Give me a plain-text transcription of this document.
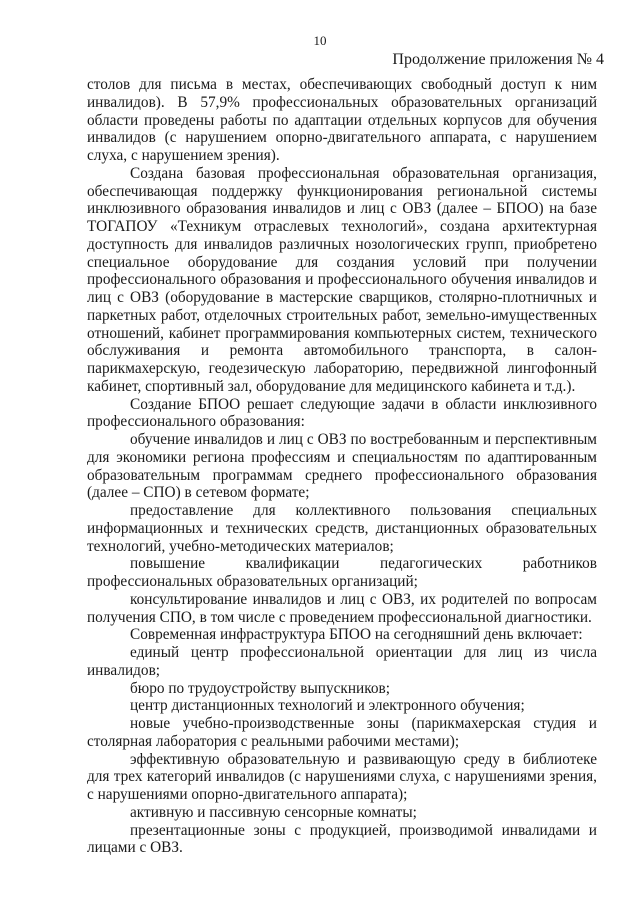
10
Продолжение приложения № 4

столов для письма в местах, обеспечивающих свободный доступ к ним инвалидов). В 57,9% профессиональных образовательных организаций области проведены работы по адаптации отдельных корпусов для обучения инвалидов (с нарушением опорно-двигательного аппарата, с нарушением слуха, с нарушением зрения).

Создана базовая профессиональная образовательная организация, обеспечивающая поддержку функционирования региональной системы инклюзивного образования инвалидов и лиц с ОВЗ (далее – БПОО) на базе ТОГАПОУ «Техникум отраслевых технологий», создана архитектурная доступность для инвалидов различных нозологических групп, приобретено специальное оборудование для создания условий при получении профессионального образования и профессионального обучения инвалидов и лиц с ОВЗ (оборудование в мастерские сварщиков, столярно-плотничных и паркетных работ, отделочных строительных работ, земельно-имущественных отношений, кабинет программирования компьютерных систем, технического обслуживания и ремонта автомобильного транспорта, в салон-парикмахерскую, геодезическую лабораторию, передвижной лингофонный кабинет, спортивный зал, оборудование для медицинского кабинета и т.д.).

Создание БПОО решает следующие задачи в области инклюзивного профессионального образования:

обучение инвалидов и лиц с ОВЗ по востребованным и перспективным для экономики региона профессиям и специальностям по адаптированным образовательным программам среднего профессионального образования (далее – СПО) в сетевом формате;

предоставление для коллективного пользования специальных информационных и технических средств, дистанционных образовательных технологий, учебно-методических материалов;

повышение квалификации педагогических работников профессиональных образовательных организаций;

консультирование инвалидов и лиц с ОВЗ, их родителей по вопросам получения СПО, в том числе с проведением профессиональной диагностики.

Современная инфраструктура БПОО на сегодняшний день включает:

единый центр профессиональной ориентации для лиц из числа инвалидов;

бюро по трудоустройству выпускников;

центр дистанционных технологий и электронного обучения;

новые учебно-производственные зоны (парикмахерская студия и столярная лаборатория с реальными рабочими местами);

эффективную образовательную и развивающую среду в библиотеке для трех категорий инвалидов (с нарушениями слуха, с нарушениями зрения, с нарушениями опорно-двигательного аппарата);

активную и пассивную сенсорные комнаты;

презентационные зоны с продукцией, производимой инвалидами и лицами с ОВЗ.
